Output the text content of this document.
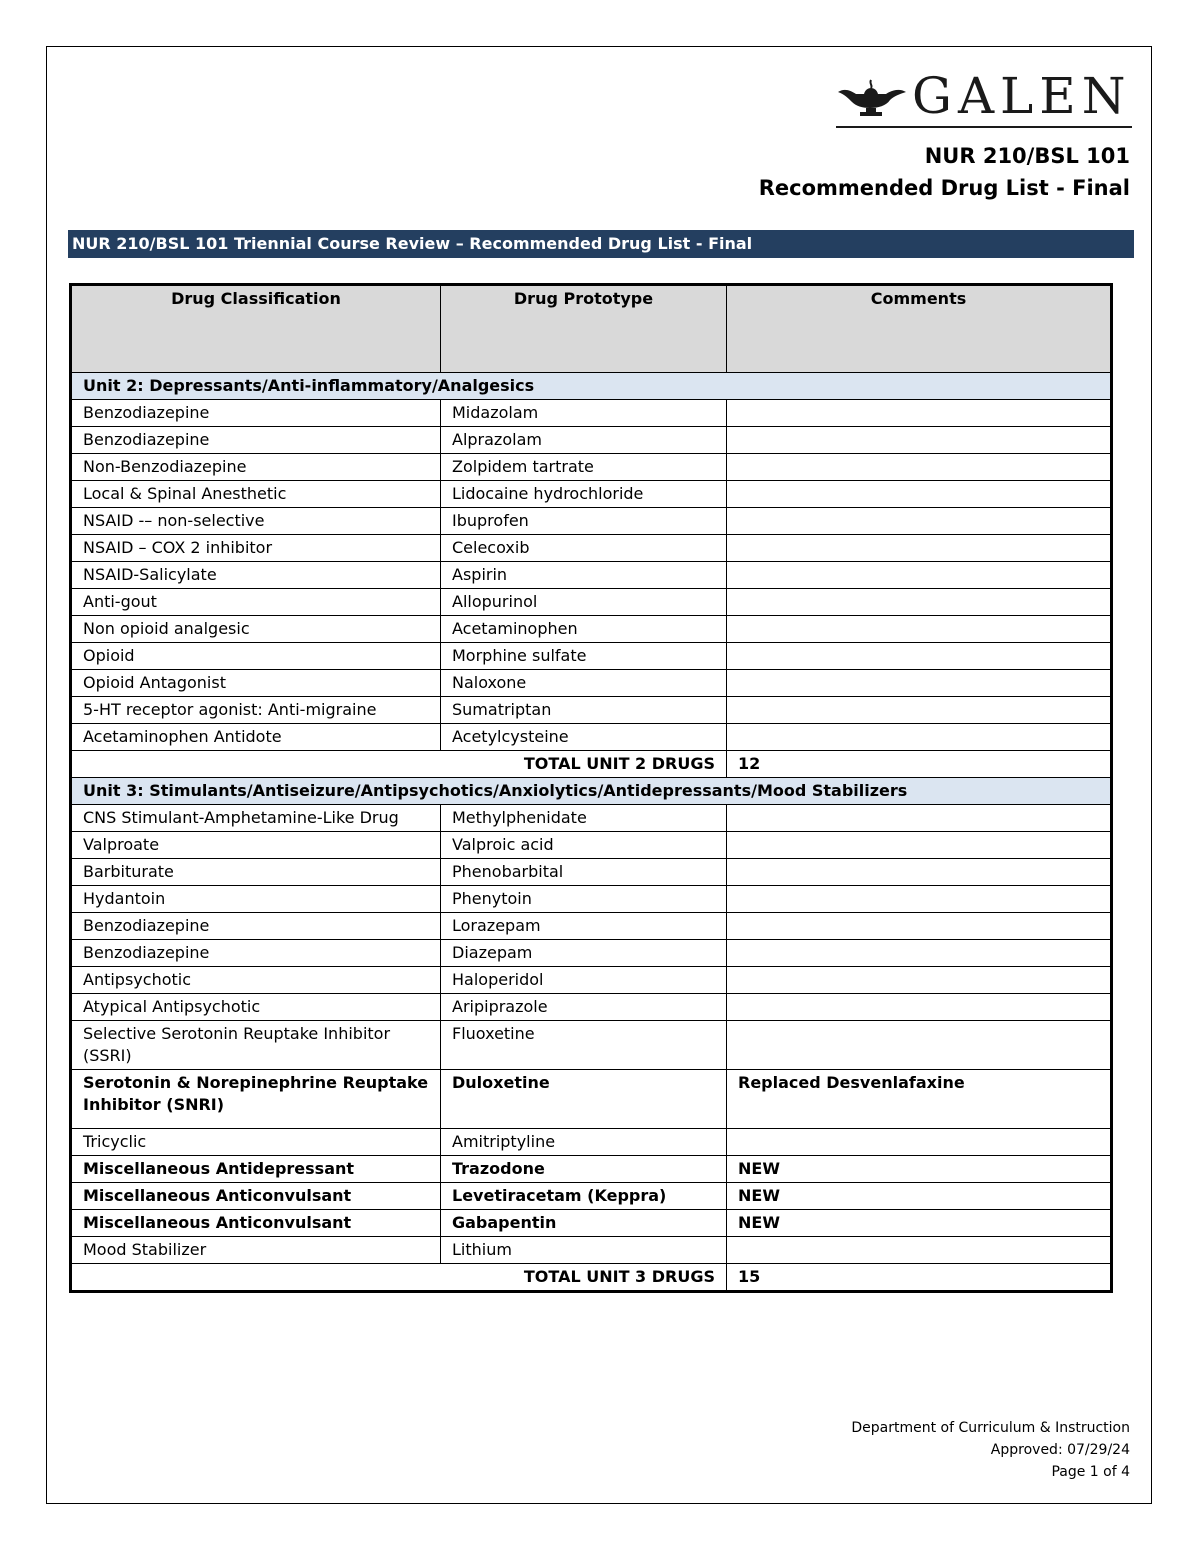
GALEN
NUR 210/BSL 101
Recommended Drug List - Final
NUR 210/BSL 101 Triennial Course Review – Recommended Drug List - Final
Drug Classification	Drug Prototype	Comments
Unit 2: Depressants/Anti-inflammatory/Analgesics		
Benzodiazepine	Midazolam	
Benzodiazepine	Alprazolam	
Non-Benzodiazepine	Zolpidem tartrate	
Local & Spinal Anesthetic	Lidocaine hydrochloride	
NSAID -– non-selective	Ibuprofen	
NSAID – COX 2 inhibitor	Celecoxib	
NSAID-Salicylate	Aspirin	
Anti-gout	Allopurinol	
Non opioid analgesic	Acetaminophen	
Opioid	Morphine sulfate	
Opioid Antagonist	Naloxone	
5-HT receptor agonist: Anti-migraine	Sumatriptan	
Acetaminophen Antidote	Acetylcysteine	
TOTAL UNIT 2 DRUGS		12
Unit 3: Stimulants/Antiseizure/Antipsychotics/Anxiolytics/Antidepressants/Mood Stabilizers		
CNS Stimulant-Amphetamine-Like Drug	Methylphenidate	
Valproate	Valproic acid	
Barbiturate	Phenobarbital	
Hydantoin	Phenytoin	
Benzodiazepine	Lorazepam	
Benzodiazepine	Diazepam	
Antipsychotic	Haloperidol	
Atypical Antipsychotic	Aripiprazole	
Selective Serotonin Reuptake Inhibitor (SSRI)	Fluoxetine	
Serotonin & Norepinephrine Reuptake Inhibitor (SNRI)	Duloxetine	Replaced Desvenlafaxine
Tricyclic	Amitriptyline	
Miscellaneous Antidepressant	Trazodone	NEW
Miscellaneous Anticonvulsant	Levetiracetam (Keppra)	NEW
Miscellaneous Anticonvulsant	Gabapentin	NEW
Mood Stabilizer	Lithium	
TOTAL UNIT 3 DRUGS		15
Department of Curriculum & Instruction
Approved: 07/29/24
Page 1 of 4
